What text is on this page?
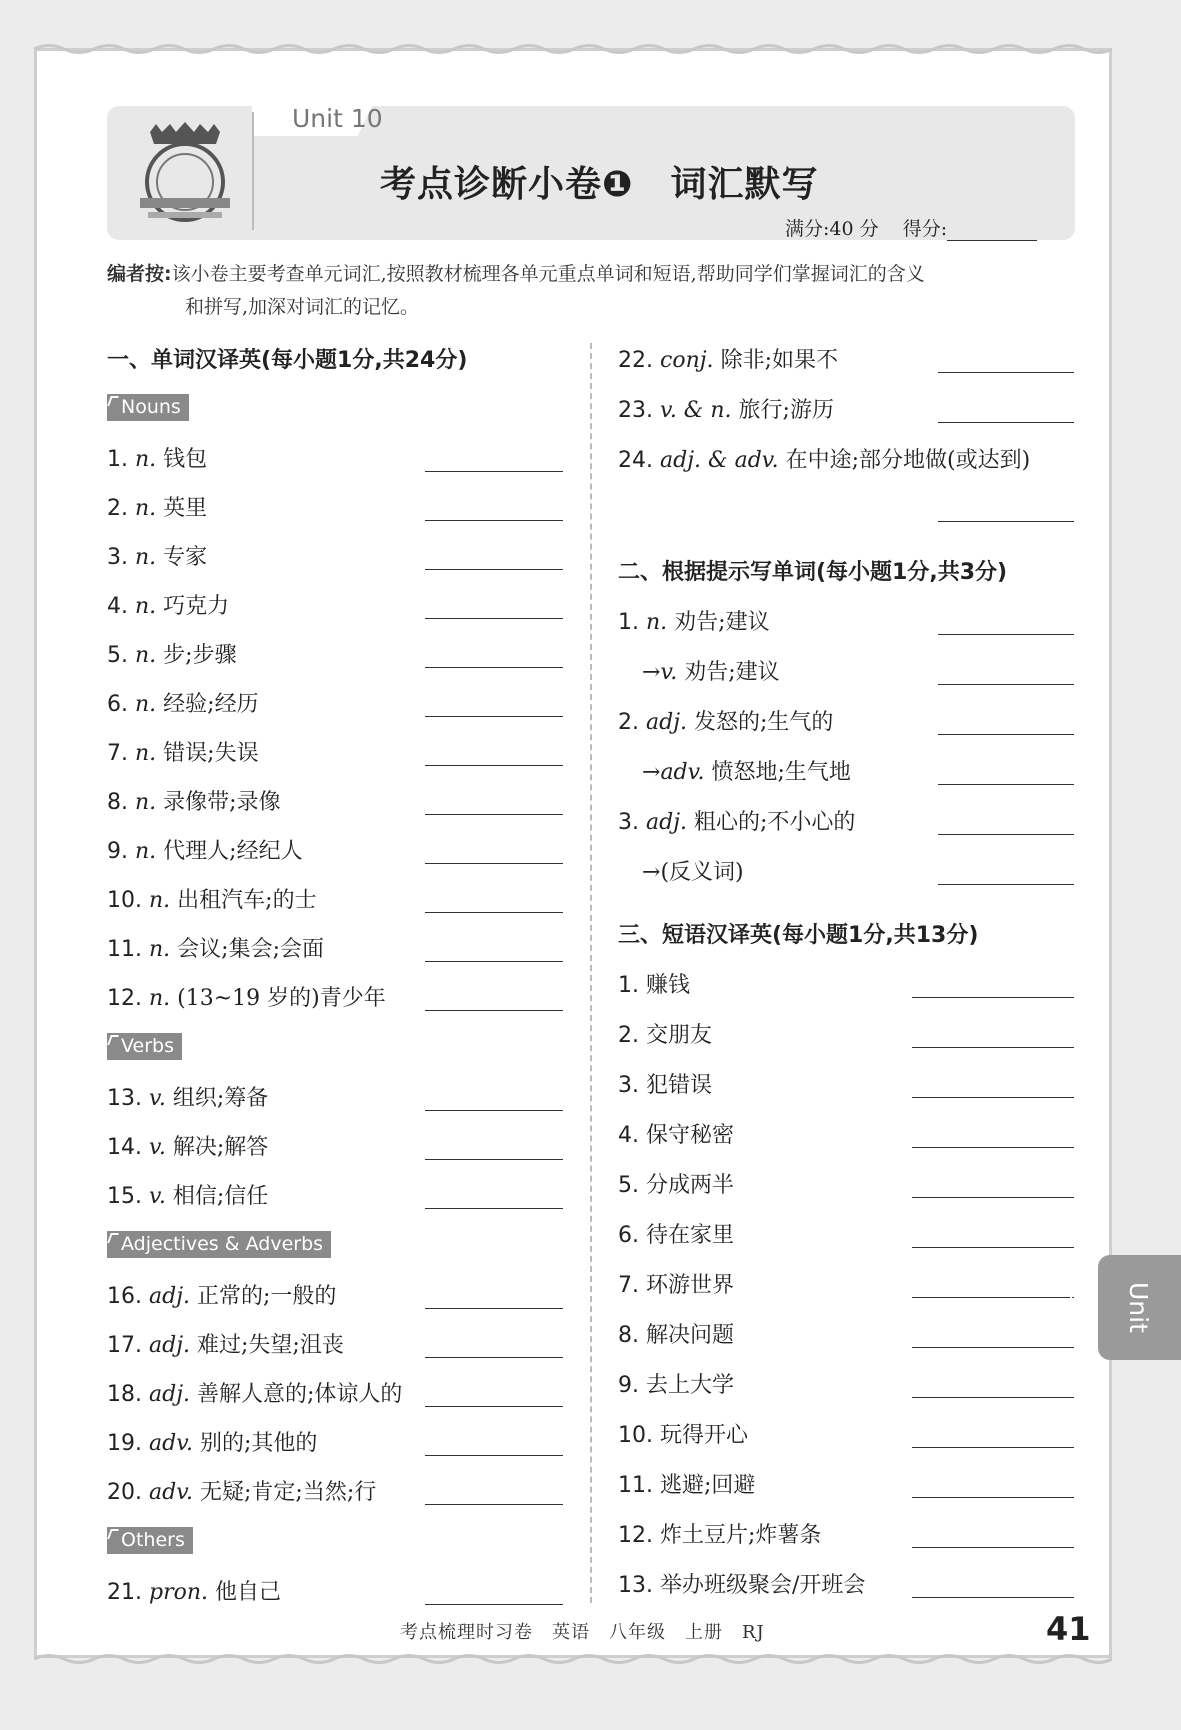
Unit 10
考点诊断小卷❶　词汇默写
满分:40 分 得分:
编者按:该小卷主要考查单元词汇,按照教材梳理各单元重点单词和短语,帮助同学们掌握词汇的含义
和拼写,加深对词汇的记忆。
一、单词汉译英(每小题1分,共24分)
Nouns
Verbs
Adjectives & Adverbs
Others
1. n. 钱包
2. n. 英里
3. n. 专家
4. n. 巧克力
5. n. 步;步骤
6. n. 经验;经历
7. n. 错误;失误
8. n. 录像带;录像
9. n. 代理人;经纪人
10. n. 出租汽车;的士
11. n. 会议;集会;会面
12. n. (13~19 岁的)青少年
13. v. 组织;筹备
14. v. 解决;解答
15. v. 相信;信任
16. adj. 正常的;一般的
17. adj. 难过;失望;沮丧
18. adj. 善解人意的;体谅人的
19. adv. 别的;其他的
20. adv. 无疑;肯定;当然;行
21. pron. 他自己
22. conj. 除非;如果不
23. v. & n. 旅行;游历
24. adj. & adv. 在中途;部分地做(或达到)
二、根据提示写单词(每小题1分,共3分)
1. n. 劝告;建议
→v. 劝告;建议
2. adj. 发怒的;生气的
→adv. 愤怒地;生气地
3. adj. 粗心的;不小心的
→(反义词)
三、短语汉译英(每小题1分,共13分)
1. 赚钱
2. 交朋友
3. 犯错误
4. 保守秘密
5. 分成两半
6. 待在家里
7. 环游世界
8. 解决问题
9. 去上大学
10. 玩得开心
11. 逃避;回避
12. 炸土豆片;炸薯条
13. 举办班级聚会/开班会
考点梳理时习卷　英语　八年级　上册　RJ	41
Unit 10
